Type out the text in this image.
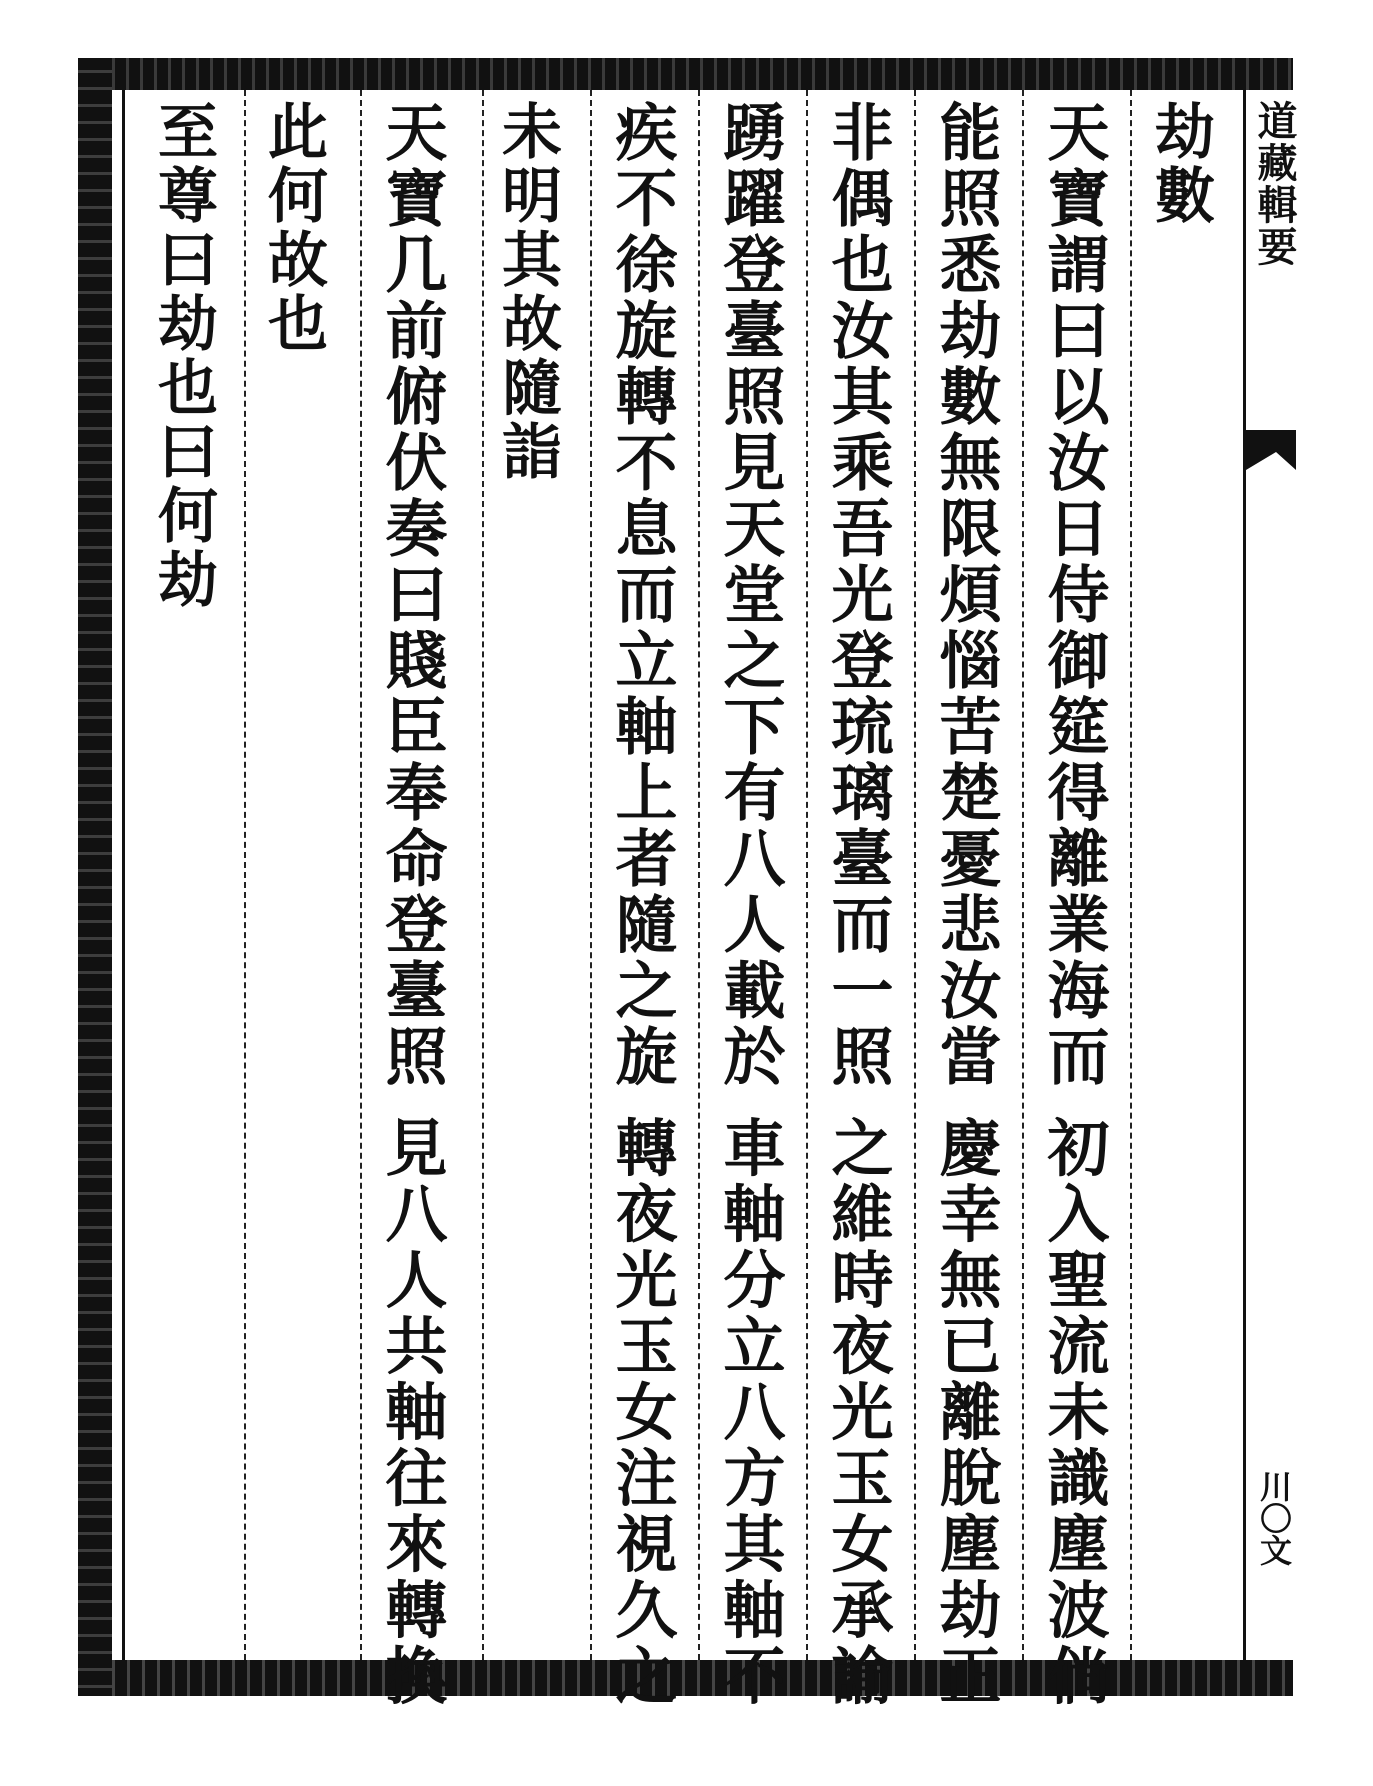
道藏輯要
川〇文
劫數
天寶謂曰以汝日侍御筵得離業海而 初入聖流未識塵波倘
能照悉劫數無限煩惱苦楚憂悲汝當 慶幸無已離脫塵劫正
非偶也汝其乘吾光登琉璃臺而一照 之維時夜光玉女承諭
踴躍登臺照見天堂之下有八人載於 車軸分立八方其軸不
疾不徐旋轉不息而立軸上者隨之旋 轉夜光玉女注視久之
未明其故隨詣
天寶几前俯伏奏曰賤臣奉命登臺照 見八人共軸往來轉換
此何故也
至尊曰劫也曰何劫
